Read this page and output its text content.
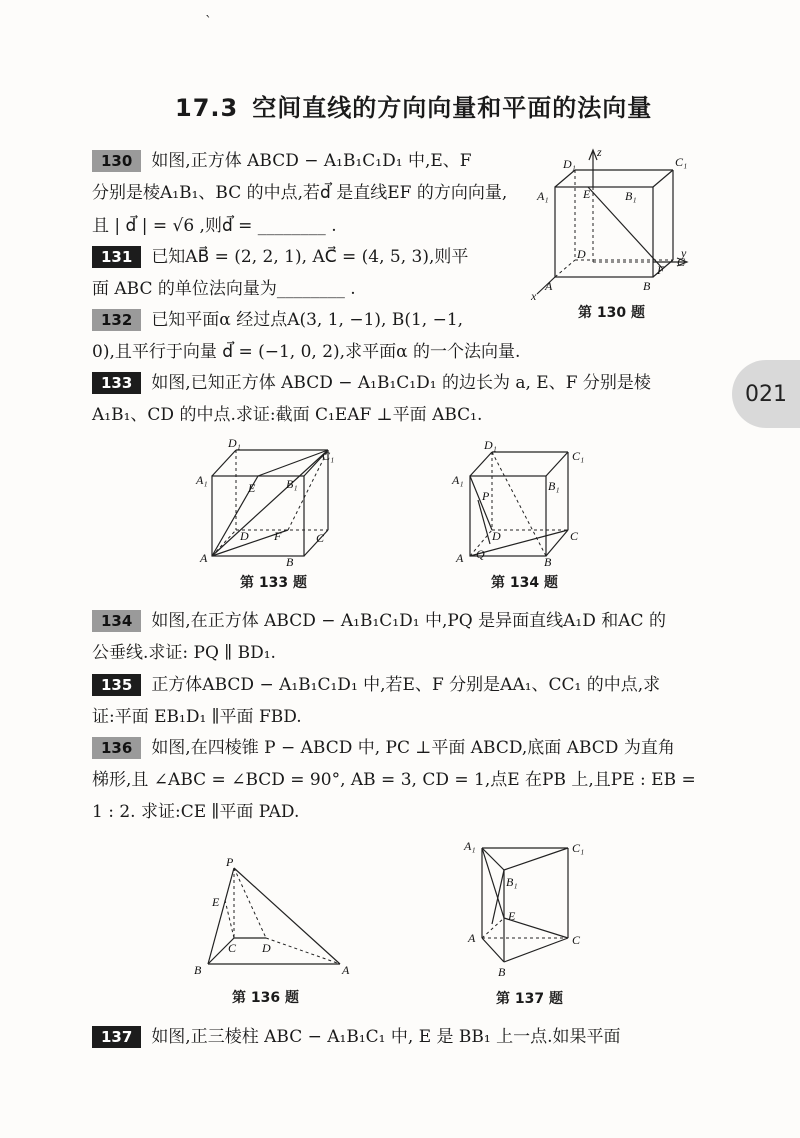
ˋ
17.3 空间直线的方向向量和平面的法向量
021
130 如图,正方体 ABCD − A₁B₁C₁D₁ 中,E、F
分别是棱A₁B₁、BC 的中点,若d⃗ 是直线EF 的方向向量,
且 | d⃗ | = √6 ,则d⃗ = ________ .
131 已知AB⃗ = (2, 2, 1), AC⃗ = (4, 5, 3),则平
面 ABC 的单位法向量为________ .
132 已知平面α 经过点A(3, 1, −1), B(1, −1,
0),且平行于向量 d⃗ = (−1, 0, 2),求平面α 的一个法向量.
133 如图,已知正方体 ABCD − A₁B₁C₁D₁ 的边长为 a, E、F 分别是棱
A₁B₁、CD 的中点.求证:截面 C₁EAF ⊥平面 ABC₁.
134 如图,在正方体 ABCD − A₁B₁C₁D₁ 中,PQ 是异面直线A₁D 和AC 的
公垂线.求证: PQ ∥ BD₁.
135 正方体ABCD − A₁B₁C₁D₁ 中,若E、F 分别是AA₁、CC₁ 的中点,求
证:平面 EB₁D₁ ∥平面 FBD.
136 如图,在四棱锥 P − ABCD 中, PC ⊥平面 ABCD,底面 ABCD 为直角
梯形,且 ∠ABC = ∠BCD = 90°, AB = 3, CD = 1,点E 在PB 上,且PE : EB =
1 : 2. 求证:CE ∥平面 PAD.
137 如图,正三棱柱 ABC − A₁B₁C₁ 中, E 是 BB₁ 上一点.如果平面
z
y
x
D₁	C₁
A₁	B₁
E
D
F
C
A	B
第 130 题
D₁
C₁
A₁	B₁
E
D F	C
A	B
第 133 题
D₁
C₁
A₁	B₁
P
D	C
Q
A	B
第 134 题
P
E
C D
B	A
第 136 题
A₁	C₁
B₁
E
A	C
B
第 137 题
